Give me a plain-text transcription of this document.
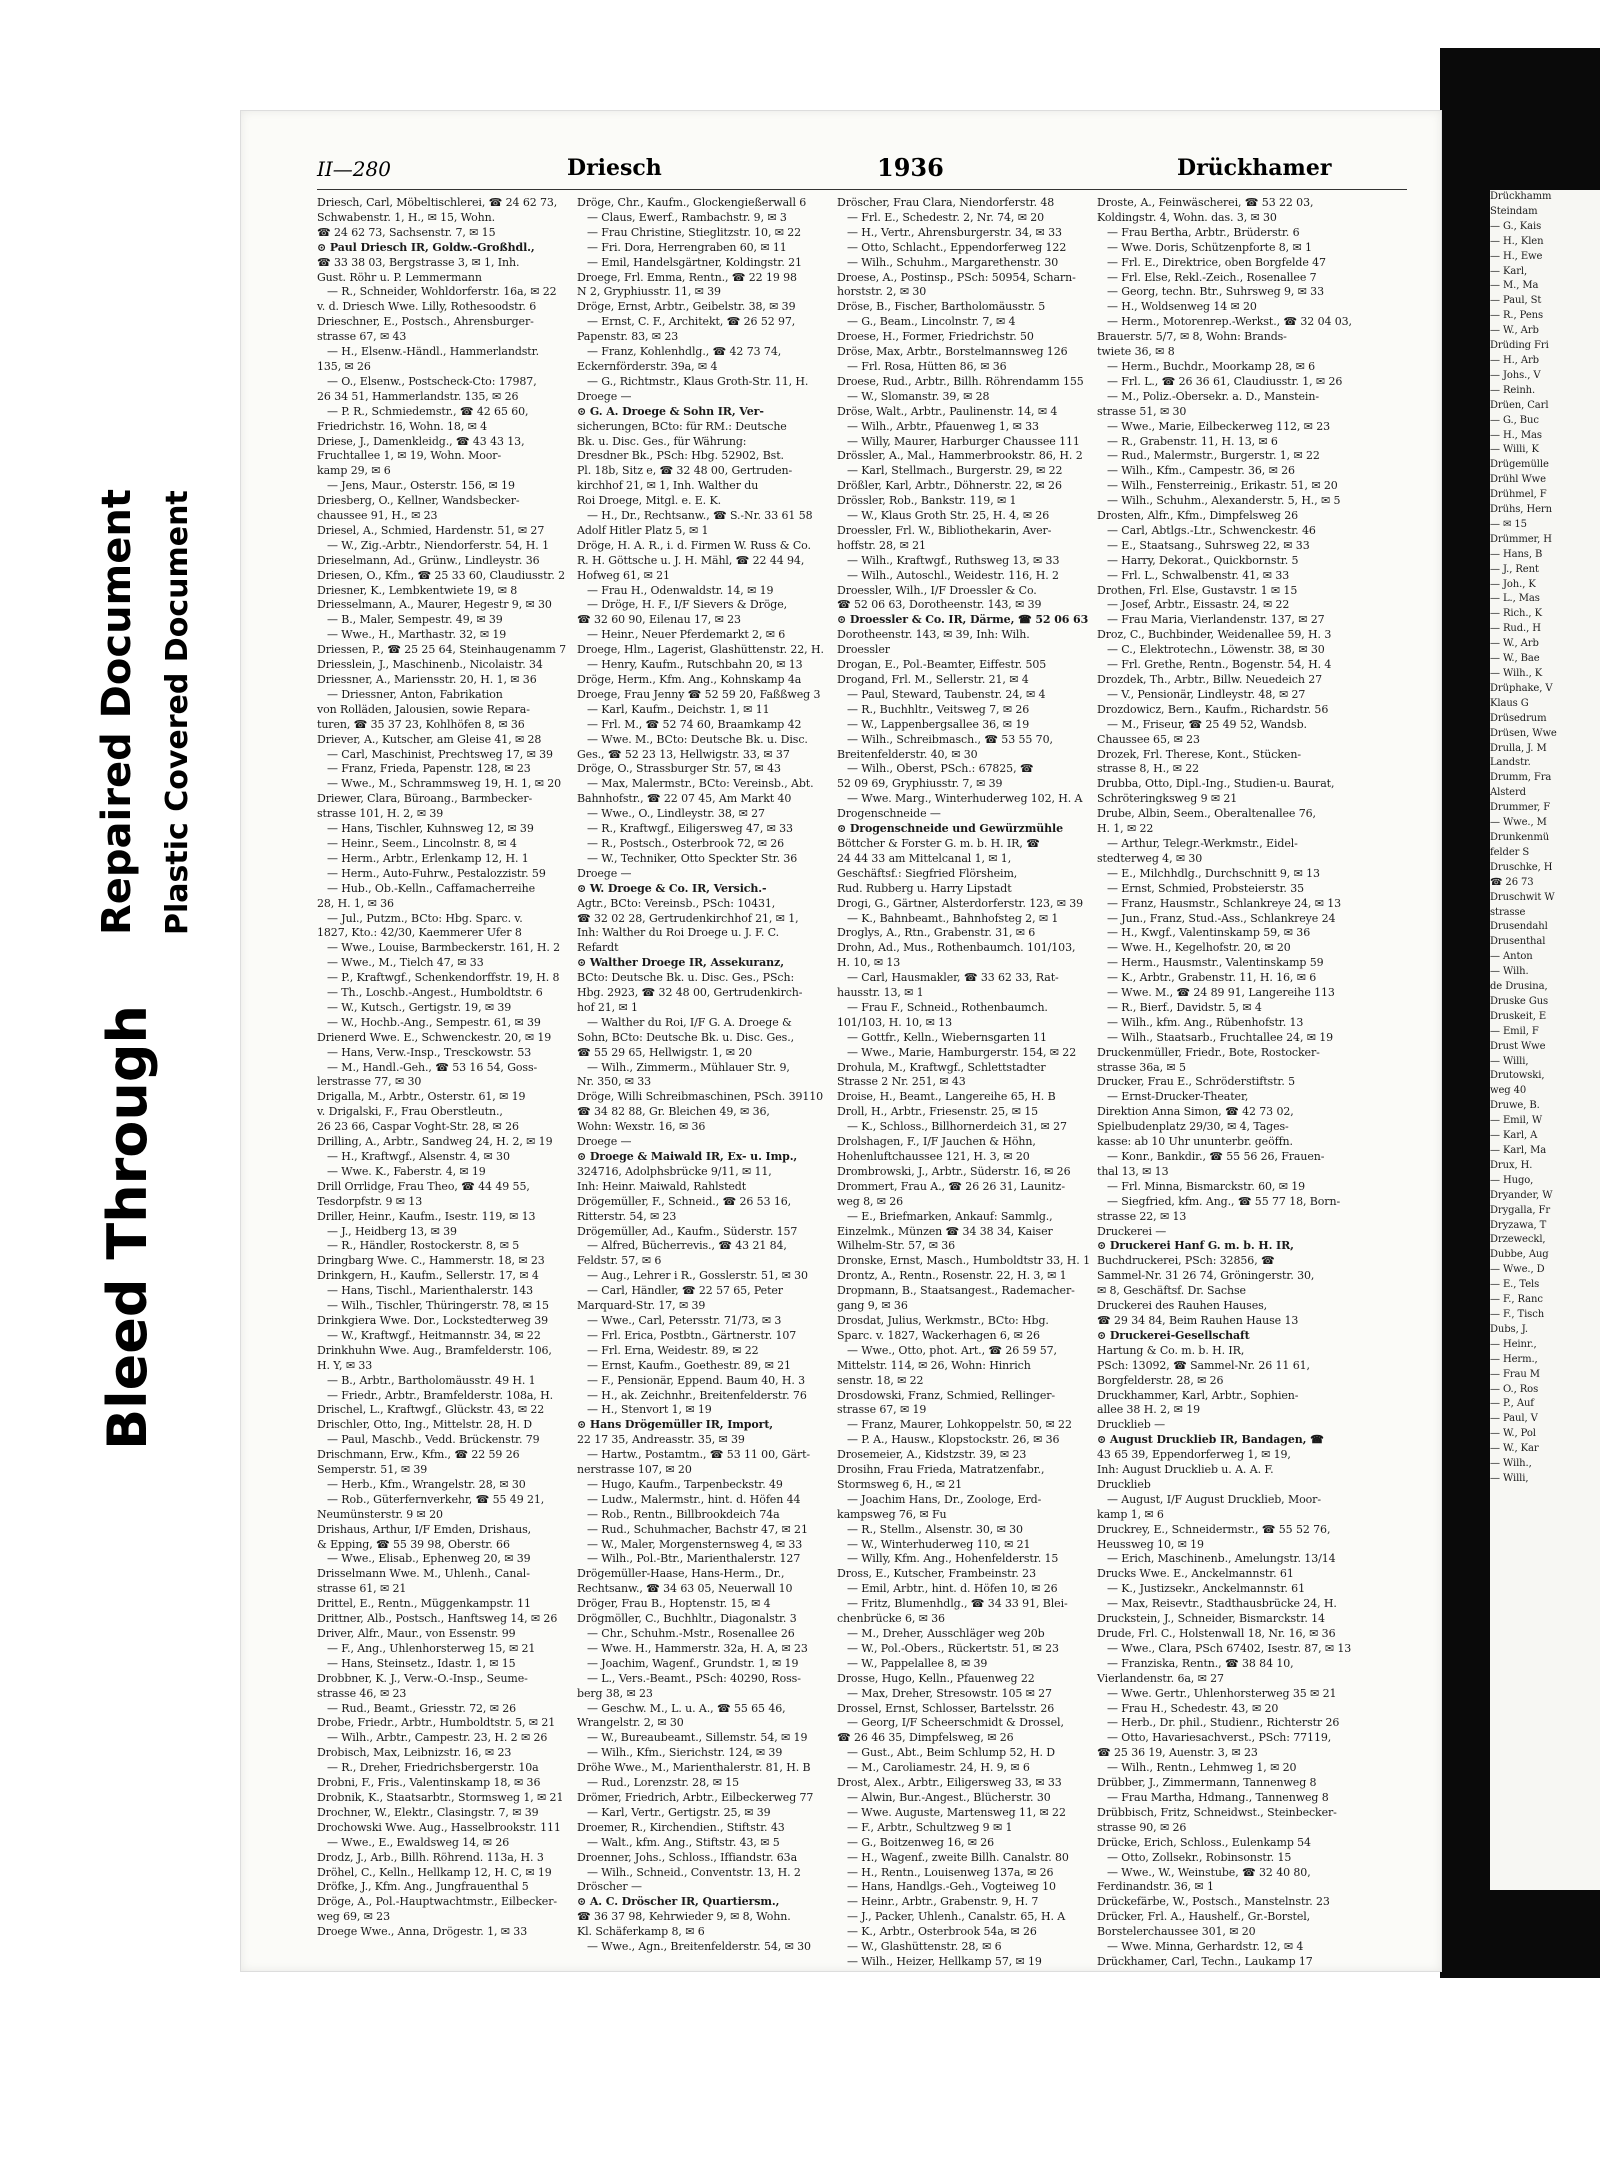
Bleed Through
Repaired Document Plastic Covered Document
II—280	Driesch	1936	Drückhamer
Driesch, Carl, Möbeltischlerei, ☎ 24 62 73,
Schwabenstr. 1, H., ✉ 15, Wohn.
☎ 24 62 73, Sachsenstr. 7, ✉ 15
⊙ Paul Driesch IR, Goldw.-Großhdl.,
☎ 33 38 03, Bergstrasse 3, ✉ 1, Inh.
Gust. Röhr u. P. Lemmermann
— R., Schneider, Wohldorferstr. 16a, ✉ 22
v. d. Driesch Wwe. Lilly, Rothesoodstr. 6
Drieschner, E., Postsch., Ahrensburger-
strasse 67, ✉ 43
— H., Elsenw.-Händl., Hammerlandstr.
135, ✉ 26
— O., Elsenw., Postscheck-Cto: 17987,
26 34 51, Hammerlandstr. 135, ✉ 26
— P. R., Schmiedemstr., ☎ 42 65 60,
Friedrichstr. 16, Wohn. 18, ✉ 4
Driese, J., Damenkleidg., ☎ 43 43 13,
Fruchtallee 1, ✉ 19, Wohn. Moor-
kamp 29, ✉ 6
— Jens, Maur., Osterstr. 156, ✉ 19
Driesberg, O., Kellner, Wandsbecker-
chaussee 91, H., ✉ 23
Driesel, A., Schmied, Hardenstr. 51, ✉ 27
— W., Zig.-Arbtr., Niendorferstr. 54, H. 1
Drieselmann, Ad., Grünw., Lindleystr. 36
Driesen, O., Kfm., ☎ 25 33 60, Claudiusstr. 2
Driesner, K., Lembkentwiete 19, ✉ 8
Driesselmann, A., Maurer, Hegestr 9, ✉ 30
— B., Maler, Sempestr. 49, ✉ 39
— Wwe., H., Marthastr. 32, ✉ 19
Driessen, P., ☎ 25 25 64, Steinhaugenamm 7
Driesslein, J., Maschinenb., Nicolaistr. 34
Driessner, A., Mariensstr. 20, H. 1, ✉ 36
— Driessner, Anton, Fabrikation
von Rolläden, Jalousien, sowie Repara-
turen, ☎ 35 37 23, Kohlhöfen 8, ✉ 36
Driever, A., Kutscher, am Gleise 41, ✉ 28
— Carl, Maschinist, Prechtsweg 17, ✉ 39
— Franz, Frieda, Papenstr. 128, ✉ 23
— Wwe., M., Schrammsweg 19, H. 1, ✉ 20
Driewer, Clara, Büroang., Barmbecker-
strasse 101, H. 2, ✉ 39
— Hans, Tischler, Kuhnsweg 12, ✉ 39
— Heinr., Seem., Lincolnstr. 8, ✉ 4
— Herm., Arbtr., Erlenkamp 12, H. 1
— Herm., Auto-Fuhrw., Pestalozzistr. 59
— Hub., Ob.-Kelln., Caffamacherreihe
28, H. 1, ✉ 36
— Jul., Putzm., BCto: Hbg. Sparc. v.
1827, Kto.: 42/30, Kaemmerer Ufer 8
— Wwe., Louise, Barmbeckerstr. 161, H. 2
— Wwe., M., Tielch 47, ✉ 33
— P., Kraftwgf., Schenkendorffstr. 19, H. 8
— Th., Loschb.-Angest., Humboldtstr. 6
— W., Kutsch., Gertigstr. 19, ✉ 39
— W., Hochb.-Ang., Sempestr. 61, ✉ 39
Drienerd Wwe. E., Schwenckestr. 20, ✉ 19
— Hans, Verw.-Insp., Tresckowstr. 53
— M., Handl.-Geh., ☎ 53 16 54, Goss-
lerstrasse 77, ✉ 30
Drigalla, M., Arbtr., Osterstr. 61, ✉ 19
v. Drigalski, F., Frau Oberstleutn.,
26 23 66, Caspar Voght-Str. 28, ✉ 26
Drilling, A., Arbtr., Sandweg 24, H. 2, ✉ 19
— H., Kraftwgf., Alsenstr. 4, ✉ 30
— Wwe. K., Faberstr. 4, ✉ 19
Drill Orrlidge, Frau Theo, ☎ 44 49 55,
Tesdorpfstr. 9 ✉ 13
Driller, Heinr., Kaufm., Isestr. 119, ✉ 13
— J., Heidberg 13, ✉ 39
— R., Händler, Rostockerstr. 8, ✉ 5
Dringbarg Wwe. C., Hammerstr. 18, ✉ 23
Drinkgern, H., Kaufm., Sellerstr. 17, ✉ 4
— Hans, Tischl., Marienthalerstr. 143
— Wilh., Tischler, Thüringerstr. 78, ✉ 15
Drinkgiera Wwe. Dor., Lockstedterweg 39
— W., Kraftwgf., Heitmannstr. 34, ✉ 22
Drinkhuhn Wwe. Aug., Bramfelderstr. 106,
H. Y, ✉ 33
— B., Arbtr., Bartholomäusstr. 49 H. 1
— Friedr., Arbtr., Bramfelderstr. 108a, H.
Drischel, L., Kraftwgf., Glückstr. 43, ✉ 22
Drischler, Otto, Ing., Mittelstr. 28, H. D
— Paul, Maschb., Vedd. Brückenstr. 79
Drischmann, Erw., Kfm., ☎ 22 59 26
Semperstr. 51, ✉ 39
— Herb., Kfm., Wrangelstr. 28, ✉ 30
— Rob., Güterfernverkehr, ☎ 55 49 21,
Neumünsterstr. 9 ✉ 20
Drishaus, Arthur, I/F Emden, Drishaus,
& Epping, ☎ 55 39 98, Oberstr. 66
— Wwe., Elisab., Ephenweg 20, ✉ 39
Drisselmann Wwe. M., Uhlenh., Canal-
strasse 61, ✉ 21
Drittel, E., Rentn., Müggenkampstr. 11
Drittner, Alb., Postsch., Hanftsweg 14, ✉ 26
Driver, Alfr., Maur., von Essenstr. 99
— F., Ang., Uhlenhorsterweg 15, ✉ 21
— Hans, Steinsetz., Idastr. 1, ✉ 15
Drobbner, K. J., Verw.-O.-Insp., Seume-
strasse 46, ✉ 23
— Rud., Beamt., Griesstr. 72, ✉ 26
Drobe, Friedr., Arbtr., Humboldtstr. 5, ✉ 21
— Wilh., Arbtr., Campestr. 23, H. 2 ✉ 26
Drobisch, Max, Leibnizstr. 16, ✉ 23
— R., Dreher, Friedrichsbergerstr. 10a
Drobni, F., Fris., Valentinskamp 18, ✉ 36
Drobnik, K., Staatsarbtr., Stormsweg 1, ✉ 21
Drochner, W., Elektr., Clasingstr. 7, ✉ 39
Drochowski Wwe. Aug., Hasselbrookstr. 111
— Wwe., E., Ewaldsweg 14, ✉ 26
Drodz, J., Arb., Billh. Röhrend. 113a, H. 3
Dröhel, C., Kelln., Hellkamp 12, H. C, ✉ 19
Dröfke, J., Kfm. Ang., Jungfrauenthal 5
Dröge, A., Pol.-Hauptwachtmstr., Eilbecker-
weg 69, ✉ 23
Droege Wwe., Anna, Drögestr. 1, ✉ 33
Dröge, Chr., Kaufm., Glockengießerwall 6
— Claus, Ewerf., Rambachstr. 9, ✉ 3
— Frau Christine, Stieglitzstr. 10, ✉ 22
— Fri. Dora, Herrengraben 60, ✉ 11
— Emil, Handelsgärtner, Koldingstr. 21
Droege, Frl. Emma, Rentn., ☎ 22 19 98
N 2, Gryphiusstr. 11, ✉ 39
Dröge, Ernst, Arbtr., Geibelstr. 38, ✉ 39
— Ernst, C. F., Architekt, ☎ 26 52 97,
Papenstr. 83, ✉ 23
— Franz, Kohlenhdlg., ☎ 42 73 74,
Eckernförderstr. 39a, ✉ 4
— G., Richtmstr., Klaus Groth-Str. 11, H.
Droege —
⊙ G. A. Droege & Sohn IR, Ver-
sicherungen, BCto: für RM.: Deutsche
Bk. u. Disc. Ges., für Währung:
Dresdner Bk., PSch: Hbg. 52902, Bst.
Pl. 18b, Sitz e, ☎ 32 48 00, Gertruden-
kirchhof 21, ✉ 1, Inh. Walther du
Roi Droege, Mitgl. e. E. K.
— H., Dr., Rechtsanw., ☎ S.-Nr. 33 61 58
Adolf Hitler Platz 5, ✉ 1
Dröge, H. A. R., i. d. Firmen W. Russ & Co.
R. H. Göttsche u. J. H. Mähl, ☎ 22 44 94,
Hofweg 61, ✉ 21
— Frau H., Odenwaldstr. 14, ✉ 19
— Dröge, H. F., I/F Sievers & Dröge,
☎ 32 60 90, Eilenau 17, ✉ 23
— Heinr., Neuer Pferdemarkt 2, ✉ 6
Droege, Hlm., Lagerist, Glashüttenstr. 22, H.
— Henry, Kaufm., Rutschbahn 20, ✉ 13
Dröge, Herm., Kfm. Ang., Kohnskamp 4a
Droege, Frau Jenny ☎ 52 59 20, Faßßweg 3
— Karl, Kaufm., Deichstr. 1, ✉ 11
— Frl. M., ☎ 52 74 60, Braamkamp 42
— Wwe. M., BCto: Deutsche Bk. u. Disc.
Ges., ☎ 52 23 13, Hellwigstr. 33, ✉ 37
Dröge, O., Strassburger Str. 57, ✉ 43
— Max, Malermstr., BCto: Vereinsb., Abt.
Bahnhofstr., ☎ 22 07 45, Am Markt 40
— Wwe., O., Lindleystr. 38, ✉ 27
— R., Kraftwgf., Eiligersweg 47, ✉ 33
— R., Postsch., Osterbrook 72, ✉ 26
— W., Techniker, Otto Speckter Str. 36
Droege —
⊙ W. Droege & Co. IR, Versich.-
Agtr., BCto: Vereinsb., PSch: 10431,
☎ 32 02 28, Gertrudenkirchhof 21, ✉ 1,
Inh: Walther du Roi Droege u. J. F. C.
Refardt
⊙ Walther Droege IR, Assekuranz,
BCto: Deutsche Bk. u. Disc. Ges., PSch:
Hbg. 2923, ☎ 32 48 00, Gertrudenkirch-
hof 21, ✉ 1
— Walther du Roi, I/F G. A. Droege &
Sohn, BCto: Deutsche Bk. u. Disc. Ges.,
☎ 55 29 65, Hellwigstr. 1, ✉ 20
— Wilh., Zimmerm., Mühlauer Str. 9,
Nr. 350, ✉ 33
Dröge, Willi Schreibmaschinen, PSch. 39110
☎ 34 82 88, Gr. Bleichen 49, ✉ 36,
Wohn: Wexstr. 16, ✉ 36
Droege —
⊙ Droege & Maiwald IR, Ex- u. Imp.,
324716, Adolphsbrücke 9/11, ✉ 11,
Inh: Heinr. Maiwald, Rahlstedt
Drögemüller, F., Schneid., ☎ 26 53 16,
Ritterstr. 54, ✉ 23
Drögemüller, Ad., Kaufm., Süderstr. 157
— Alfred, Bücherrevis., ☎ 43 21 84,
Feldstr. 57, ✉ 6
— Aug., Lehrer i R., Gosslerstr. 51, ✉ 30
— Carl, Händler, ☎ 22 57 65, Peter
Marquard-Str. 17, ✉ 39
— Wwe., Carl, Petersstr. 71/73, ✉ 3
— Frl. Erica, Postbtn., Gärtnerstr. 107
— Frl. Erna, Weidestr. 89, ✉ 22
— Ernst, Kaufm., Goethestr. 89, ✉ 21
— F., Pensionär, Eppend. Baum 40, H. 3
— H., ak. Zeichnhr., Breitenfelderstr. 76
— H., Stenvort 1, ✉ 19
⊙ Hans Drögemüller IR, Import,
22 17 35, Andreasstr. 35, ✉ 39
— Hartw., Postamtm., ☎ 53 11 00, Gärt-
nerstrasse 107, ✉ 20
— Hugo, Kaufm., Tarpenbeckstr. 49
— Ludw., Malermstr., hint. d. Höfen 44
— Rob., Rentn., Billbrookdeich 74a
— Rud., Schuhmacher, Bachstr 47, ✉ 21
— W., Maler, Morgensternsweg 4, ✉ 33
— Wilh., Pol.-Btr., Marienthalerstr. 127
Drögemüller-Haase, Hans-Herm., Dr.,
Rechtsanw., ☎ 34 63 05, Neuerwall 10
Dröger, Frau B., Hoptenstr. 15, ✉ 4
Drögmöller, C., Buchhltr., Diagonalstr. 3
— Chr., Schuhm.-Mstr., Rosenallee 26
— Wwe. H., Hammerstr. 32a, H. A, ✉ 23
— Joachim, Wagenf., Grundstr. 1, ✉ 19
— L., Vers.-Beamt., PSch: 40290, Ross-
berg 38, ✉ 23
— Geschw. M., L. u. A., ☎ 55 65 46,
Wrangelstr. 2, ✉ 30
— W., Bureaubeamt., Sillemstr. 54, ✉ 19
— Wilh., Kfm., Sierichstr. 124, ✉ 39
Dröhe Wwe., M., Marienthalerstr. 81, H. B
— Rud., Lorenzstr. 28, ✉ 15
Drömer, Friedrich, Arbtr., Eilbeckerweg 77
— Karl, Vertr., Gertigstr. 25, ✉ 39
Droemer, R., Kirchendien., Stiftstr. 43
— Walt., kfm. Ang., Stiftstr. 43, ✉ 5
Droenner, Johs., Schloss., Iffiandstr. 63a
— Wilh., Schneid., Conventstr. 13, H. 2
Dröscher —
⊙ A. C. Dröscher IR, Quartiersm.,
☎ 36 37 98, Kehrwieder 9, ✉ 8, Wohn.
Kl. Schäferkamp 8, ✉ 6
— Wwe., Agn., Breitenfelderstr. 54, ✉ 30
Dröscher, Frau Clara, Niendorferstr. 48
— Frl. E., Schedestr. 2, Nr. 74, ✉ 20
— H., Vertr., Ahrensburgerstr. 34, ✉ 33
— Otto, Schlacht., Eppendorferweg 122
— Wilh., Schuhm., Margarethenstr. 30
Droese, A., Postinsp., PSch: 50954, Scharn-
horststr. 2, ✉ 30
Dröse, B., Fischer, Bartholomäusstr. 5
— G., Beam., Lincolnstr. 7, ✉ 4
Droese, H., Former, Friedrichstr. 50
Dröse, Max, Arbtr., Borstelmannsweg 126
— Frl. Rosa, Hütten 86, ✉ 36
Droese, Rud., Arbtr., Billh. Röhrendamm 155
— W., Slomanstr. 39, ✉ 28
Dröse, Walt., Arbtr., Paulinenstr. 14, ✉ 4
— Wilh., Arbtr., Pfauenweg 1, ✉ 33
— Willy, Maurer, Harburger Chaussee 111
Drössler, A., Mal., Hammerbrookstr. 86, H. 2
— Karl, Stellmach., Burgerstr. 29, ✉ 22
Drößler, Karl, Arbtr., Döhnerstr. 22, ✉ 26
Drössler, Rob., Bankstr. 119, ✉ 1
— W., Klaus Groth Str. 25, H. 4, ✉ 26
Droessler, Frl. W., Bibliothekarin, Aver-
hoffstr. 28, ✉ 21
— Wilh., Kraftwgf., Ruthsweg 13, ✉ 33
— Wilh., Autoschl., Weidestr. 116, H. 2
Droessler, Wilh., I/F Droessler & Co.
☎ 52 06 63, Dorotheenstr. 143, ✉ 39
⊙ Droessler & Co. IR, Därme, ☎ 52 06 63
Dorotheenstr. 143, ✉ 39, Inh: Wilh.
Droessler
Drogan, E., Pol.-Beamter, Eiffestr. 505
Drogand, Frl. M., Sellerstr. 21, ✉ 4
— Paul, Steward, Taubenstr. 24, ✉ 4
— R., Buchhltr., Veitsweg 7, ✉ 26
— W., Lappenbergsallee 36, ✉ 19
— Wilh., Schreibmasch., ☎ 53 55 70,
Breitenfelderstr. 40, ✉ 30
— Wilh., Oberst, PSch.: 67825, ☎
52 09 69, Gryphiusstr. 7, ✉ 39
— Wwe. Marg., Winterhuderweg 102, H. A
Drogenschneide —
⊙ Drogenschneide und Gewürzmühle
Böttcher & Forster G. m. b. H. IR, ☎
24 44 33 am Mittelcanal 1, ✉ 1,
Geschäftsf.: Siegfried Flörsheim,
Rud. Rubberg u. Harry Lipstadt
Drogi, G., Gärtner, Alsterdorferstr. 123, ✉ 39
— K., Bahnbeamt., Bahnhofsteg 2, ✉ 1
Droglys, A., Rtn., Grabenstr. 31, ✉ 6
Drohn, Ad., Mus., Rothenbaumch. 101/103,
H. 10, ✉ 13
— Carl, Hausmakler, ☎ 33 62 33, Rat-
hausstr. 13, ✉ 1
— Frau F., Schneid., Rothenbaumch.
101/103, H. 10, ✉ 13
— Gottfr., Kelln., Wiebernsgarten 11
— Wwe., Marie, Hamburgerstr. 154, ✉ 22
Drohula, M., Kraftwgf., Schlettstadter
Strasse 2 Nr. 251, ✉ 43
Droise, H., Beamt., Langereihe 65, H. B
Droll, H., Arbtr., Friesenstr. 25, ✉ 15
— K., Schloss., Billhornerdeich 31, ✉ 27
Drolshagen, F., I/F Jauchen & Höhn,
Hohenluftchaussee 121, H. 3, ✉ 20
Drombrowski, J., Arbtr., Süderstr. 16, ✉ 26
Drommert, Frau A., ☎ 26 26 31, Launitz-
weg 8, ✉ 26
— E., Briefmarken, Ankauf: Sammlg.,
Einzelmk., Münzen ☎ 34 38 34, Kaiser
Wilhelm-Str. 57, ✉ 36
Dronske, Ernst, Masch., Humboldtstr 33, H. 1
Drontz, A., Rentn., Rosenstr. 22, H. 3, ✉ 1
Dropmann, B., Staatsangest., Rademacher-
gang 9, ✉ 36
Drosdat, Julius, Werkmstr., BCto: Hbg.
Sparc. v. 1827, Wackerhagen 6, ✉ 26
— Wwe., Otto, phot. Art., ☎ 26 59 57,
Mittelstr. 114, ✉ 26, Wohn: Hinrich
senstr. 18, ✉ 22
Drosdowski, Franz, Schmied, Rellinger-
strasse 67, ✉ 19
— Franz, Maurer, Lohkoppelstr. 50, ✉ 22
— P. A., Hausw., Klopstockstr. 26, ✉ 36
Drosemeier, A., Kidstzstr. 39, ✉ 23
Drosihn, Frau Frieda, Matratzenfabr.,
Stormsweg 6, H., ✉ 21
— Joachim Hans, Dr., Zoologe, Erd-
kampsweg 76, ✉ Fu
— R., Stellm., Alsenstr. 30, ✉ 30
— W., Winterhuderweg 110, ✉ 21
— Willy, Kfm. Ang., Hohenfelderstr. 15
Dross, E., Kutscher, Frambeinstr. 23
— Emil, Arbtr., hint. d. Höfen 10, ✉ 26
— Fritz, Blumenhdlg., ☎ 34 33 91, Blei-
chenbrücke 6, ✉ 36
— M., Dreher, Ausschläger weg 20b
— W., Pol.-Obers., Rückertstr. 51, ✉ 23
— W., Pappelallee 8, ✉ 39
Drosse, Hugo, Kelln., Pfauenweg 22
— Max, Dreher, Stresowstr. 105 ✉ 27
Drossel, Ernst, Schlosser, Bartelsstr. 26
— Georg, I/F Scheerschmidt & Drossel,
☎ 26 46 35, Dimpfelsweg, ✉ 26
— Gust., Abt., Beim Schlump 52, H. D
— M., Caroliamestr. 24, H. 9, ✉ 6
Drost, Alex., Arbtr., Eiligersweg 33, ✉ 33
— Alwin, Bur.-Angest., Blücherstr. 30
— Wwe. Auguste, Martensweg 11, ✉ 22
— F., Arbtr., Schultzweg 9 ✉ 1
— G., Boitzenweg 16, ✉ 26
— H., Wagenf., zweite Billh. Canalstr. 80
— H., Rentn., Louisenweg 137a, ✉ 26
— Hans, Handlgs.-Geh., Vogteiweg 10
— Heinr., Arbtr., Grabenstr. 9, H. 7
— J., Packer, Uhlenh., Canalstr. 65, H. A
— K., Arbtr., Osterbrook 54a, ✉ 26
— W., Glashüttenstr. 28, ✉ 6
— Wilh., Heizer, Hellkamp 57, ✉ 19
Droste, A., Feinwäscherei, ☎ 53 22 03,
Koldingstr. 4, Wohn. das. 3, ✉ 30
— Frau Bertha, Arbtr., Brüderstr. 6
— Wwe. Doris, Schützenpforte 8, ✉ 1
— Frl. E., Direktrice, oben Borgfelde 47
— Frl. Else, Rekl.-Zeich., Rosenallee 7
— Georg, techn. Btr., Suhrsweg 9, ✉ 33
— H., Woldsenweg 14 ✉ 20
— Herm., Motorenrep.-Werkst., ☎ 32 04 03,
Brauerstr. 5/7, ✉ 8, Wohn: Brands-
twiete 36, ✉ 8
— Herm., Buchdr., Moorkamp 28, ✉ 6
— Frl. L., ☎ 26 36 61, Claudiusstr. 1, ✉ 26
— M., Poliz.-Obersekr. a. D., Manstein-
strasse 51, ✉ 30
— Wwe., Marie, Eilbeckerweg 112, ✉ 23
— R., Grabenstr. 11, H. 13, ✉ 6
— Rud., Malermstr., Burgerstr. 1, ✉ 22
— Wilh., Kfm., Campestr. 36, ✉ 26
— Wilh., Fensterreinig., Erikastr. 51, ✉ 20
— Wilh., Schuhm., Alexanderstr. 5, H., ✉ 5
Drosten, Alfr., Kfm., Dimpfelsweg 26
— Carl, Abtlgs.-Ltr., Schwenckestr. 46
— E., Staatsang., Suhrsweg 22, ✉ 33
— Harry, Dekorat., Quickbornstr. 5
— Frl. L., Schwalbenstr. 41, ✉ 33
Drothen, Frl. Else, Gustavstr. 1 ✉ 15
— Josef, Arbtr., Eissastr. 24, ✉ 22
— Frau Maria, Vierlandenstr. 137, ✉ 27
Droz, C., Buchbinder, Weidenallee 59, H. 3
— C., Elektrotechn., Löwenstr. 38, ✉ 30
— Frl. Grethe, Rentn., Bogenstr. 54, H. 4
Drozdek, Th., Arbtr., Billw. Neuedeich 27
— V., Pensionär, Lindleystr. 48, ✉ 27
Drozdowicz, Bern., Kaufm., Richardstr. 56
— M., Friseur, ☎ 25 49 52, Wandsb.
Chaussee 65, ✉ 23
Drozek, Frl. Therese, Kont., Stücken-
strasse 8, H., ✉ 22
Drubba, Otto, Dipl.-Ing., Studien-u. Baurat,
Schröteringksweg 9 ✉ 21
Drube, Albin, Seem., Oberaltenallee 76,
H. 1, ✉ 22
— Arthur, Telegr.-Werkmstr., Eidel-
stedterweg 4, ✉ 30
— E., Milchhdlg., Durchschnitt 9, ✉ 13
— Ernst, Schmied, Probsteierstr. 35
— Franz, Hausmstr., Schlankreye 24, ✉ 13
— Jun., Franz, Stud.-Ass., Schlankreye 24
— H., Kwgf., Valentinskamp 59, ✉ 36
— Wwe. H., Kegelhofstr. 20, ✉ 20
— Herm., Hausmstr., Valentinskamp 59
— K., Arbtr., Grabenstr. 11, H. 16, ✉ 6
— Wwe. M., ☎ 24 89 91, Langereihe 113
— R., Bierf., Davidstr. 5, ✉ 4
— Wilh., kfm. Ang., Rübenhofstr. 13
— Wilh., Staatsarb., Fruchtallee 24, ✉ 19
Druckenmüller, Friedr., Bote, Rostocker-
strasse 36a, ✉ 5
Drucker, Frau E., Schröderstiftstr. 5
— Ernst-Drucker-Theater,
Direktion Anna Simon, ☎ 42 73 02,
Spielbudenplatz 29/30, ✉ 4, Tages-
kasse: ab 10 Uhr ununterbr. geöffn.
— Konr., Bankdir., ☎ 55 56 26, Frauen-
thal 13, ✉ 13
— Frl. Minna, Bismarckstr. 60, ✉ 19
— Siegfried, kfm. Ang., ☎ 55 77 18, Born-
strasse 22, ✉ 13
Druckerei —
⊙ Druckerei Hanf G. m. b. H. IR,
Buchdruckerei, PSch: 32856, ☎
Sammel-Nr. 31 26 74, Gröningerstr. 30,
✉ 8, Geschäftsf. Dr. Sachse
Druckerei des Rauhen Hauses,
☎ 29 34 84, Beim Rauhen Hause 13
⊙ Druckerei-Gesellschaft
Hartung & Co. m. b. H. IR,
PSch: 13092, ☎ Sammel-Nr. 26 11 61,
Borgfelderstr. 28, ✉ 26
Druckhammer, Karl, Arbtr., Sophien-
allee 38 H. 2, ✉ 19
Drucklieb —
⊙ August Drucklieb IR, Bandagen, ☎
43 65 39, Eppendorferweg 1, ✉ 19,
Inh: August Drucklieb u. A. A. F.
Drucklieb
— August, I/F August Drucklieb, Moor-
kamp 1, ✉ 6
Druckrey, E., Schneidermstr., ☎ 55 52 76,
Heussweg 10, ✉ 19
— Erich, Maschinenb., Amelungstr. 13/14
Drucks Wwe. E., Anckelmannstr. 61
— K., Justizsekr., Anckelmannstr. 61
— Max, Reisevtr., Stadthausbrücke 24, H.
Druckstein, J., Schneider, Bismarckstr. 14
Drude, Frl. C., Holstenwall 18, Nr. 16, ✉ 36
— Wwe., Clara, PSch 67402, Isestr. 87, ✉ 13
— Franziska, Rentn., ☎ 38 84 10,
Vierlandenstr. 6a, ✉ 27
— Wwe. Gertr., Uhlenhorsterweg 35 ✉ 21
— Frau H., Schedestr. 43, ✉ 20
— Herb., Dr. phil., Studienr., Richterstr 26
— Otto, Havariesachverst., PSch: 77119,
☎ 25 36 19, Auenstr. 3, ✉ 23
— Wilh., Rentn., Lehmweg 1, ✉ 20
Drübber, J., Zimmermann, Tannenweg 8
— Frau Martha, Hdmang., Tannenweg 8
Drübbisch, Fritz, Schneidwst., Steinbecker-
strasse 90, ✉ 26
Drücke, Erich, Schloss., Eulenkamp 54
— Otto, Zollsekr., Robinsonstr. 15
— Wwe., W., Weinstube, ☎ 32 40 80,
Ferdinandstr. 36, ✉ 1
Drückefärbe, W., Postsch., Manstelnstr. 23
Drücker, Frl. A., Haushelf., Gr.-Borstel,
Borstelerchaussee 301, ✉ 20
— Wwe. Minna, Gerhardstr. 12, ✉ 4
Drückhamer, Carl, Techn., Laukamp 17
Drückhamm
Steindam
— G., Kais
— H., Klen
— H., Ewe
— Karl,
— M., Ma
— Paul, St
— R., Pens
— W., Arb
Drüding Fri
— H., Arb
— Johs., V
— Reinh.
Drüen, Carl
— G., Buc
— H., Mas
— Willi, K
Drügemülle
Drühl Wwe
Drühmel, F
Drühs, Hern
— ✉ 15
Drümmer, H
— Hans, B
— J., Rent
— Joh., K
— L., Mas
— Rich., K
— Rud., H
— W., Arb
— W., Bae
— Wilh., K
Drüphake, V
Klaus G
Drüsedrum
Drüsen, Wwe
Drulla, J. M
Landstr.
Drumm, Fra
Alsterd
Drummer, F
— Wwe., M
Drunkenmü
felder S
Druschke, H
☎ 26 73
Druschwit W
strasse
Drusendahl
Drusenthal
— Anton
— Wilh.
de Drusina,
Druske Gus
Druskeit, E
— Emil, F
Drust Wwe
— Willi,
Drutowski,
weg 40
Druwe, B.
— Emil, W
— Karl, A
— Karl, Ma
Drux, H.
— Hugo,
Dryander, W
Drygalla, Fr
Dryzawa, T
Drzeweckl,
Dubbe, Aug
— Wwe., D
— E., Tels
— F., Ranc
— F., Tisch
Dubs, J.
— Heinr.,
— Herm.,
— Frau M
— O., Ros
— P., Auf
— Paul, V
— W., Pol
— W., Kar
— Wilh.,
— Willi,
